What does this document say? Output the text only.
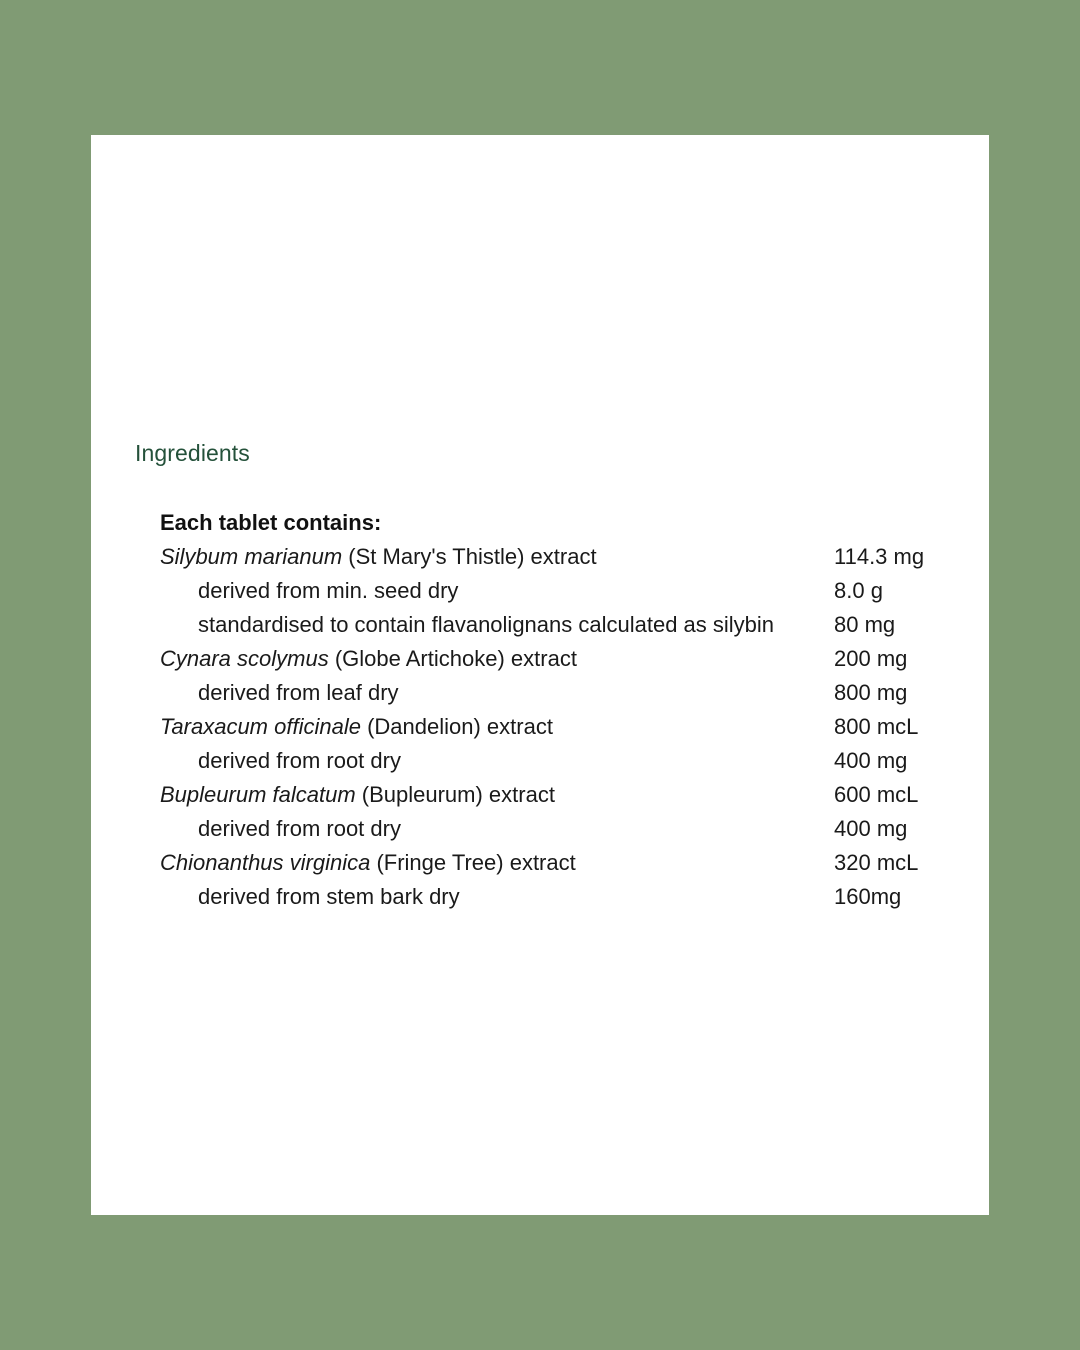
Ingredients
Each tablet contains:
Silybum marianum (St Mary's Thistle) extract	114.3 mg
derived from min. seed dry	8.0 g
standardised to contain flavanolignans calculated as silybin	80 mg
Cynara scolymus (Globe Artichoke) extract	200 mg
derived from leaf dry	800 mg
Taraxacum officinale (Dandelion) extract	800 mcL
derived from root dry	400 mg
Bupleurum falcatum (Bupleurum) extract	600 mcL
derived from root dry	400 mg
Chionanthus virginica (Fringe Tree) extract	320 mcL
derived from stem bark dry	160mg
